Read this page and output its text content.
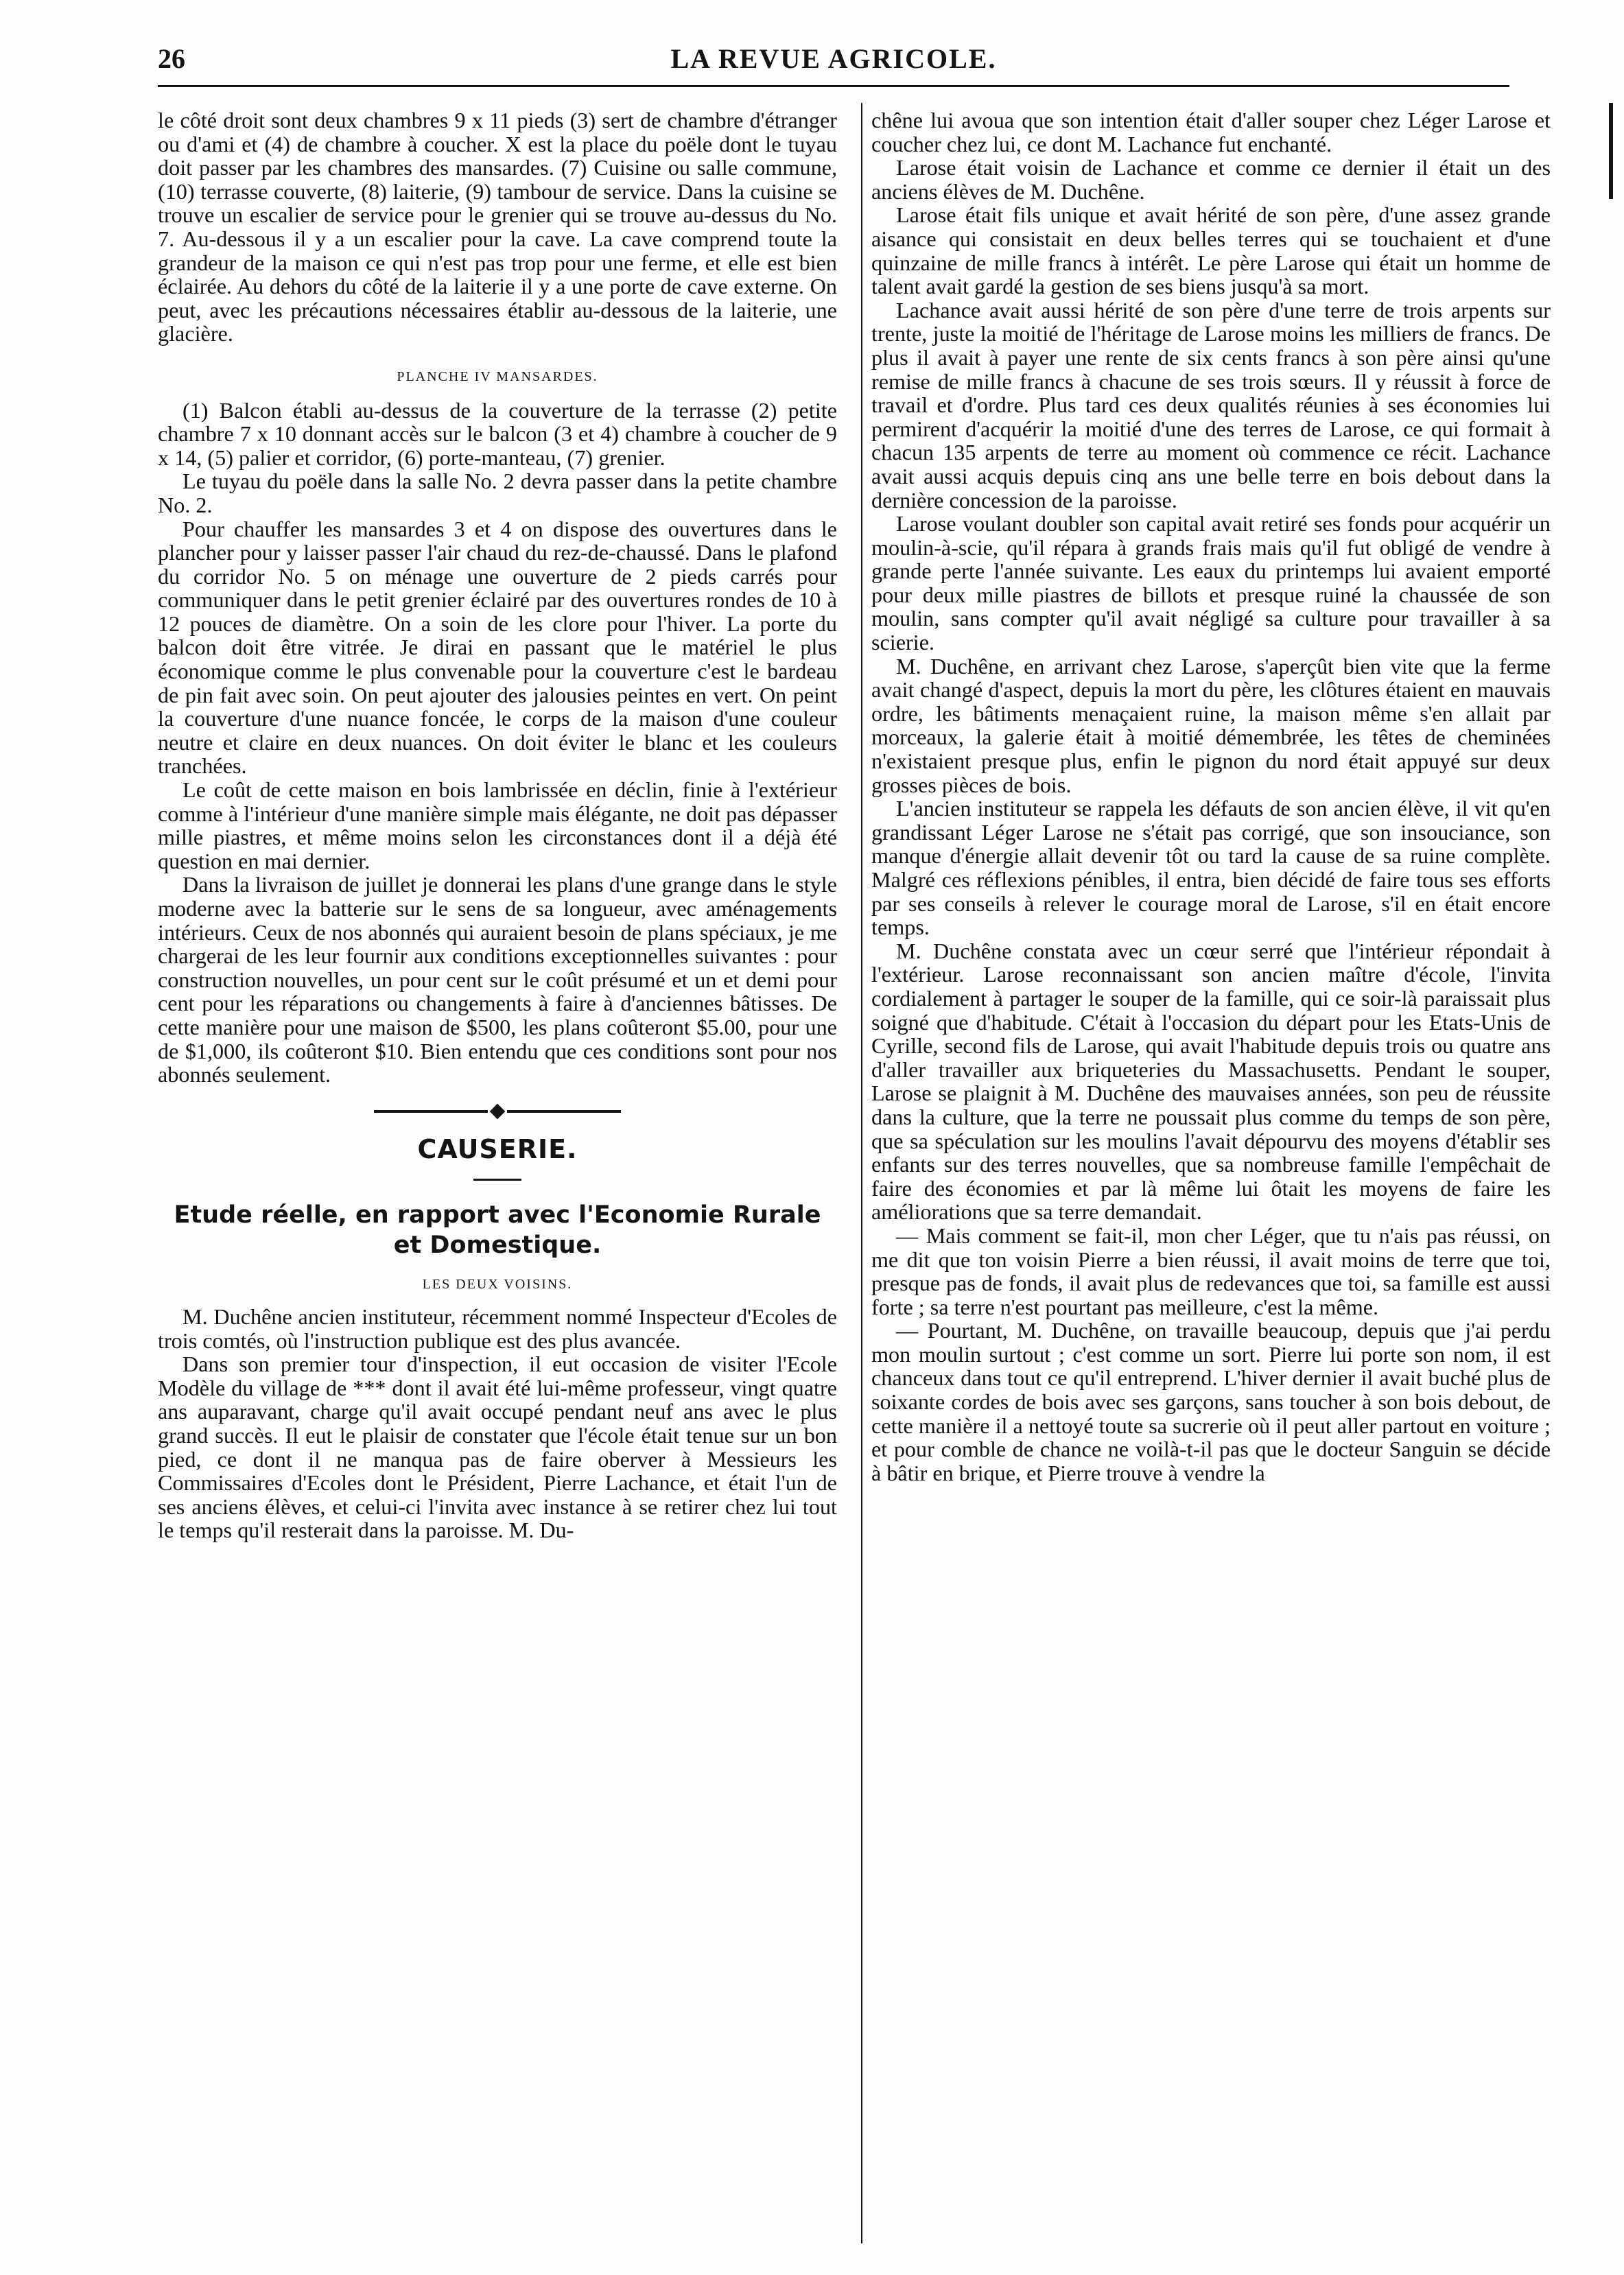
26	LA REVUE AGRICOLE.

le côté droit sont deux chambres 9 x 11 pieds (3) sert de chambre d'étranger ou d'ami et (4) de chambre à coucher. X est la place du poële dont le tuyau doit passer par les chambres des mansardes. (7) Cuisine ou salle commune, (10) terrasse couverte, (8) laiterie, (9) tambour de service. Dans la cuisine se trouve un escalier de service pour le grenier qui se trouve au-dessus du No. 7. Au-dessous il y a un escalier pour la cave. La cave comprend toute la grandeur de la maison ce qui n'est pas trop pour une ferme, et elle est bien éclairée. Au dehors du côté de la laiterie il y a une porte de cave externe. On peut, avec les précautions nécessaires établir au-dessous de la laiterie, une glacière.

PLANCHE IV MANSARDES.

(1) Balcon établi au-dessus de la couverture de la terrasse (2) petite chambre 7 x 10 donnant accès sur le balcon (3 et 4) chambre à coucher de 9 x 14, (5) palier et corridor, (6) porte-manteau, (7) grenier.

Le tuyau du poële dans la salle No. 2 devra passer dans la petite chambre No. 2.

Pour chauffer les mansardes 3 et 4 on dispose des ouvertures dans le plancher pour y laisser passer l'air chaud du rez-de-chaussé. Dans le plafond du corridor No. 5 on ménage une ouverture de 2 pieds carrés pour communiquer dans le petit grenier éclairé par des ouvertures rondes de 10 à 12 pouces de diamètre. On a soin de les clore pour l'hiver. La porte du balcon doit être vitrée. Je dirai en passant que le matériel le plus économique comme le plus convenable pour la couverture c'est le bardeau de pin fait avec soin. On peut ajouter des jalousies peintes en vert. On peint la couverture d'une nuance foncée, le corps de la maison d'une couleur neutre et claire en deux nuances. On doit éviter le blanc et les couleurs tranchées.

Le coût de cette maison en bois lambrissée en déclin, finie à l'extérieur comme à l'intérieur d'une manière simple mais élégante, ne doit pas dépasser mille piastres, et même moins selon les circonstances dont il a déjà été question en mai dernier.

Dans la livraison de juillet je donnerai les plans d'une grange dans le style moderne avec la batterie sur le sens de sa longueur, avec aménagements intérieurs. Ceux de nos abonnés qui auraient besoin de plans spéciaux, je me chargerai de les leur fournir aux conditions exceptionnelles suivantes : pour construction nouvelles, un pour cent sur le coût présumé et un et demi pour cent pour les réparations ou changements à faire à d'anciennes bâtisses. De cette manière pour une maison de $500, les plans coûteront $5.00, pour une de $1,000, ils coûteront $10. Bien entendu que ces conditions sont pour nos abonnés seulement.

CAUSERIE.
Etude réelle, en rapport avec l'Economie Rurale et Domestique.
LES DEUX VOISINS.

M. Duchêne ancien instituteur, récemment nommé Inspecteur d'Ecoles de trois comtés, où l'instruction publique est des plus avancée.

Dans son premier tour d'inspection, il eut occasion de visiter l'Ecole Modèle du village de *** dont il avait été lui-même professeur, vingt quatre ans auparavant, charge qu'il avait occupé pendant neuf ans avec le plus grand succès. Il eut le plaisir de constater que l'école était tenue sur un bon pied, ce dont il ne manqua pas de faire oberver à Messieurs les Commissaires d'Ecoles dont le Président, Pierre Lachance, et était l'un de ses anciens élèves, et celui-ci l'invita avec instance à se retirer chez lui tout le temps qu'il resterait dans la paroisse. M. Du-

chêne lui avoua que son intention était d'aller souper chez Léger Larose et coucher chez lui, ce dont M. Lachance fut enchanté.

Larose était voisin de Lachance et comme ce dernier il était un des anciens élèves de M. Duchêne.

Larose était fils unique et avait hérité de son père, d'une assez grande aisance qui consistait en deux belles terres qui se touchaient et d'une quinzaine de mille francs à intérêt. Le père Larose qui était un homme de talent avait gardé la gestion de ses biens jusqu'à sa mort.

Lachance avait aussi hérité de son père d'une terre de trois arpents sur trente, juste la moitié de l'héritage de Larose moins les milliers de francs. De plus il avait à payer une rente de six cents francs à son père ainsi qu'une remise de mille francs à chacune de ses trois sœurs. Il y réussit à force de travail et d'ordre. Plus tard ces deux qualités réunies à ses économies lui permirent d'acquérir la moitié d'une des terres de Larose, ce qui formait à chacun 135 arpents de terre au moment où commence ce récit. Lachance avait aussi acquis depuis cinq ans une belle terre en bois debout dans la dernière concession de la paroisse.

Larose voulant doubler son capital avait retiré ses fonds pour acquérir un moulin-à-scie, qu'il répara à grands frais mais qu'il fut obligé de vendre à grande perte l'année suivante. Les eaux du printemps lui avaient emporté pour deux mille piastres de billots et presque ruiné la chaussée de son moulin, sans compter qu'il avait négligé sa culture pour travailler à sa scierie.

M. Duchêne, en arrivant chez Larose, s'aperçût bien vite que la ferme avait changé d'aspect, depuis la mort du père, les clôtures étaient en mauvais ordre, les bâtiments menaçaient ruine, la maison même s'en allait par morceaux, la galerie était à moitié démembrée, les têtes de cheminées n'existaient presque plus, enfin le pignon du nord était appuyé sur deux grosses pièces de bois.

L'ancien instituteur se rappela les défauts de son ancien élève, il vit qu'en grandissant Léger Larose ne s'était pas corrigé, que son insouciance, son manque d'énergie allait devenir tôt ou tard la cause de sa ruine complète. Malgré ces réflexions pénibles, il entra, bien décidé de faire tous ses efforts par ses conseils à relever le courage moral de Larose, s'il en était encore temps.

M. Duchêne constata avec un cœur serré que l'intérieur répondait à l'extérieur. Larose reconnaissant son ancien maître d'école, l'invita cordialement à partager le souper de la famille, qui ce soir-là paraissait plus soigné que d'habitude. C'était à l'occasion du départ pour les Etats-Unis de Cyrille, second fils de Larose, qui avait l'habitude depuis trois ou quatre ans d'aller travailler aux briqueteries du Massachusetts. Pendant le souper, Larose se plaignit à M. Duchêne des mauvaises années, son peu de réussite dans la culture, que la terre ne poussait plus comme du temps de son père, que sa spéculation sur les moulins l'avait dépourvu des moyens d'établir ses enfants sur des terres nouvelles, que sa nombreuse famille l'empêchait de faire des économies et par là même lui ôtait les moyens de faire les améliorations que sa terre demandait.

— Mais comment se fait-il, mon cher Léger, que tu n'ais pas réussi, on me dit que ton voisin Pierre a bien réussi, il avait moins de terre que toi, presque pas de fonds, il avait plus de redevances que toi, sa famille est aussi forte ; sa terre n'est pourtant pas meilleure, c'est la même.

— Pourtant, M. Duchêne, on travaille beaucoup, depuis que j'ai perdu mon moulin surtout ; c'est comme un sort. Pierre lui porte son nom, il est chanceux dans tout ce qu'il entreprend. L'hiver dernier il avait buché plus de soixante cordes de bois avec ses garçons, sans toucher à son bois debout, de cette manière il a nettoyé toute sa sucrerie où il peut aller partout en voiture ; et pour comble de chance ne voilà-t-il pas que le docteur Sanguin se décide à bâtir en brique, et Pierre trouve à vendre la
